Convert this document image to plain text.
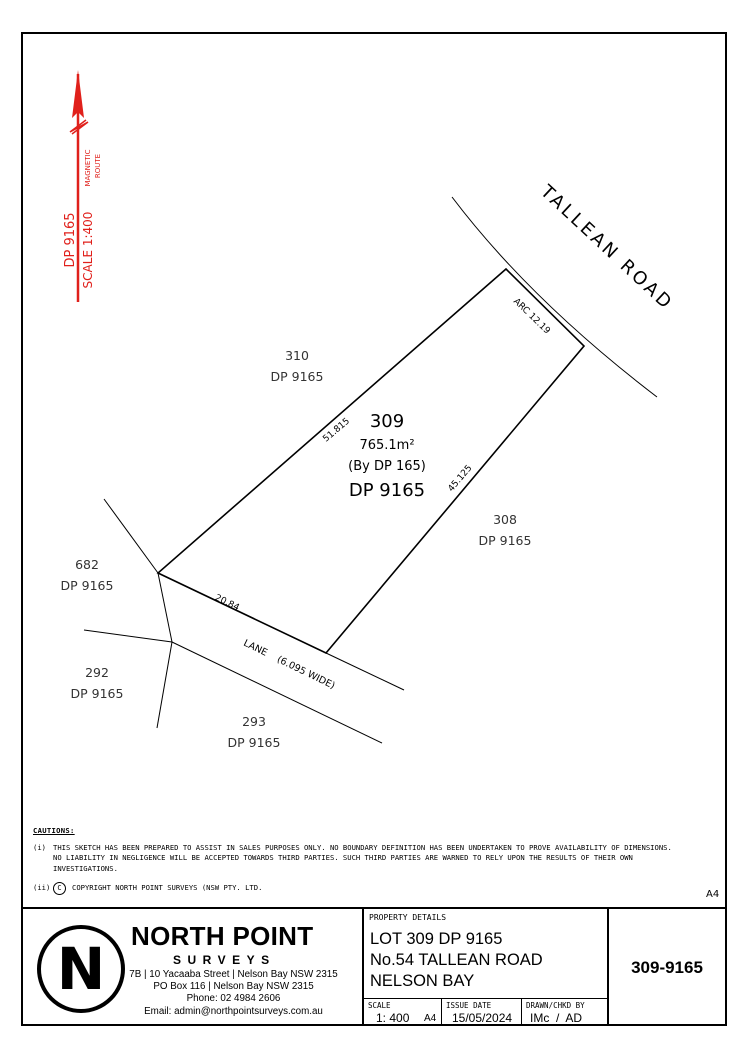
TALLEAN ROAD
ARC 12.19
51.815
45.125
20.84
LANE    (6.095 WIDE)
309
765.1m²
(By DP 165)
DP 9165
310
DP 9165
308
DP 9165
682
DP 9165
292
DP 9165
293
DP 9165
MAGNETIC ROUTE
DP 9165 SCALE 1:400
CAUTIONS:
(i) THIS SKETCH HAS BEEN PREPARED TO ASSIST IN SALES PURPOSES ONLY. NO BOUNDARY DEFINITION HAS BEEN UNDERTAKEN TO PROVE AVAILABILITY OF DIMENSIONS. NO LIABILITY IN NEGLIGENCE WILL BE ACCEPTED TOWARDS THIRD PARTIES. SUCH THIRD PARTIES ARE WARNED TO RELY UPON THE RESULTS OF THEIR OWN INVESTIGATIONS.
(ii)	C	COPYRIGHT NORTH POINT SURVEYS (NSW PTY. LTD.
A4
N NORTH POINT
SURVEYS
7B | 10 Yacaaba Street | Nelson Bay NSW 2315
PO Box 116 | Nelson Bay NSW 2315
Phone: 02 4984 2606
Email: admin@northpointsurveys.com.au
PROPERTY DETAILS
LOT 309 DP 9165
No.54 TALLEAN ROAD
NELSON BAY
SCALE
1: 400 A4
ISSUE DATE
15/05/2024
DRAWN/CHKD BY
IMc  /  AD
309-9165
